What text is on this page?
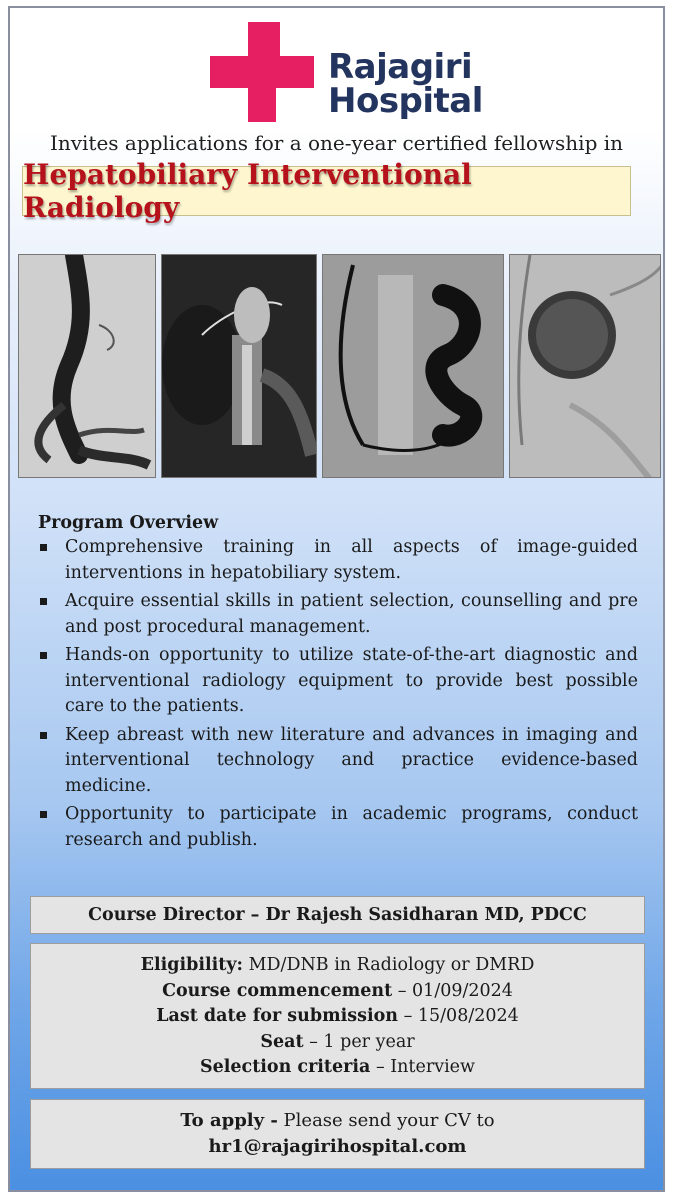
Rajagiri
Hospital
Invites applications for a one-year certified fellowship in
Hepatobiliary Interventional Radiology
Program Overview
Comprehensive training in all aspects of image-guided interventions in hepatobiliary system.
Acquire essential skills in patient selection, counselling and pre and post procedural management.
Hands-on opportunity to utilize state-of-the-art diagnostic and interventional radiology equipment to provide best possible care to the patients.
Keep abreast with new literature and advances in imaging and interventional technology and practice evidence-based medicine.
Opportunity to participate in academic programs, conduct research and publish.
Course Director – Dr Rajesh Sasidharan MD, PDCC
Eligibility: MD/DNB in Radiology or DMRD
Course commencement – 01/09/2024
Last date for submission – 15/08/2024
Seat – 1 per year
Selection criteria – Interview
To apply - Please send your CV to
hr1@rajagirihospital.com
